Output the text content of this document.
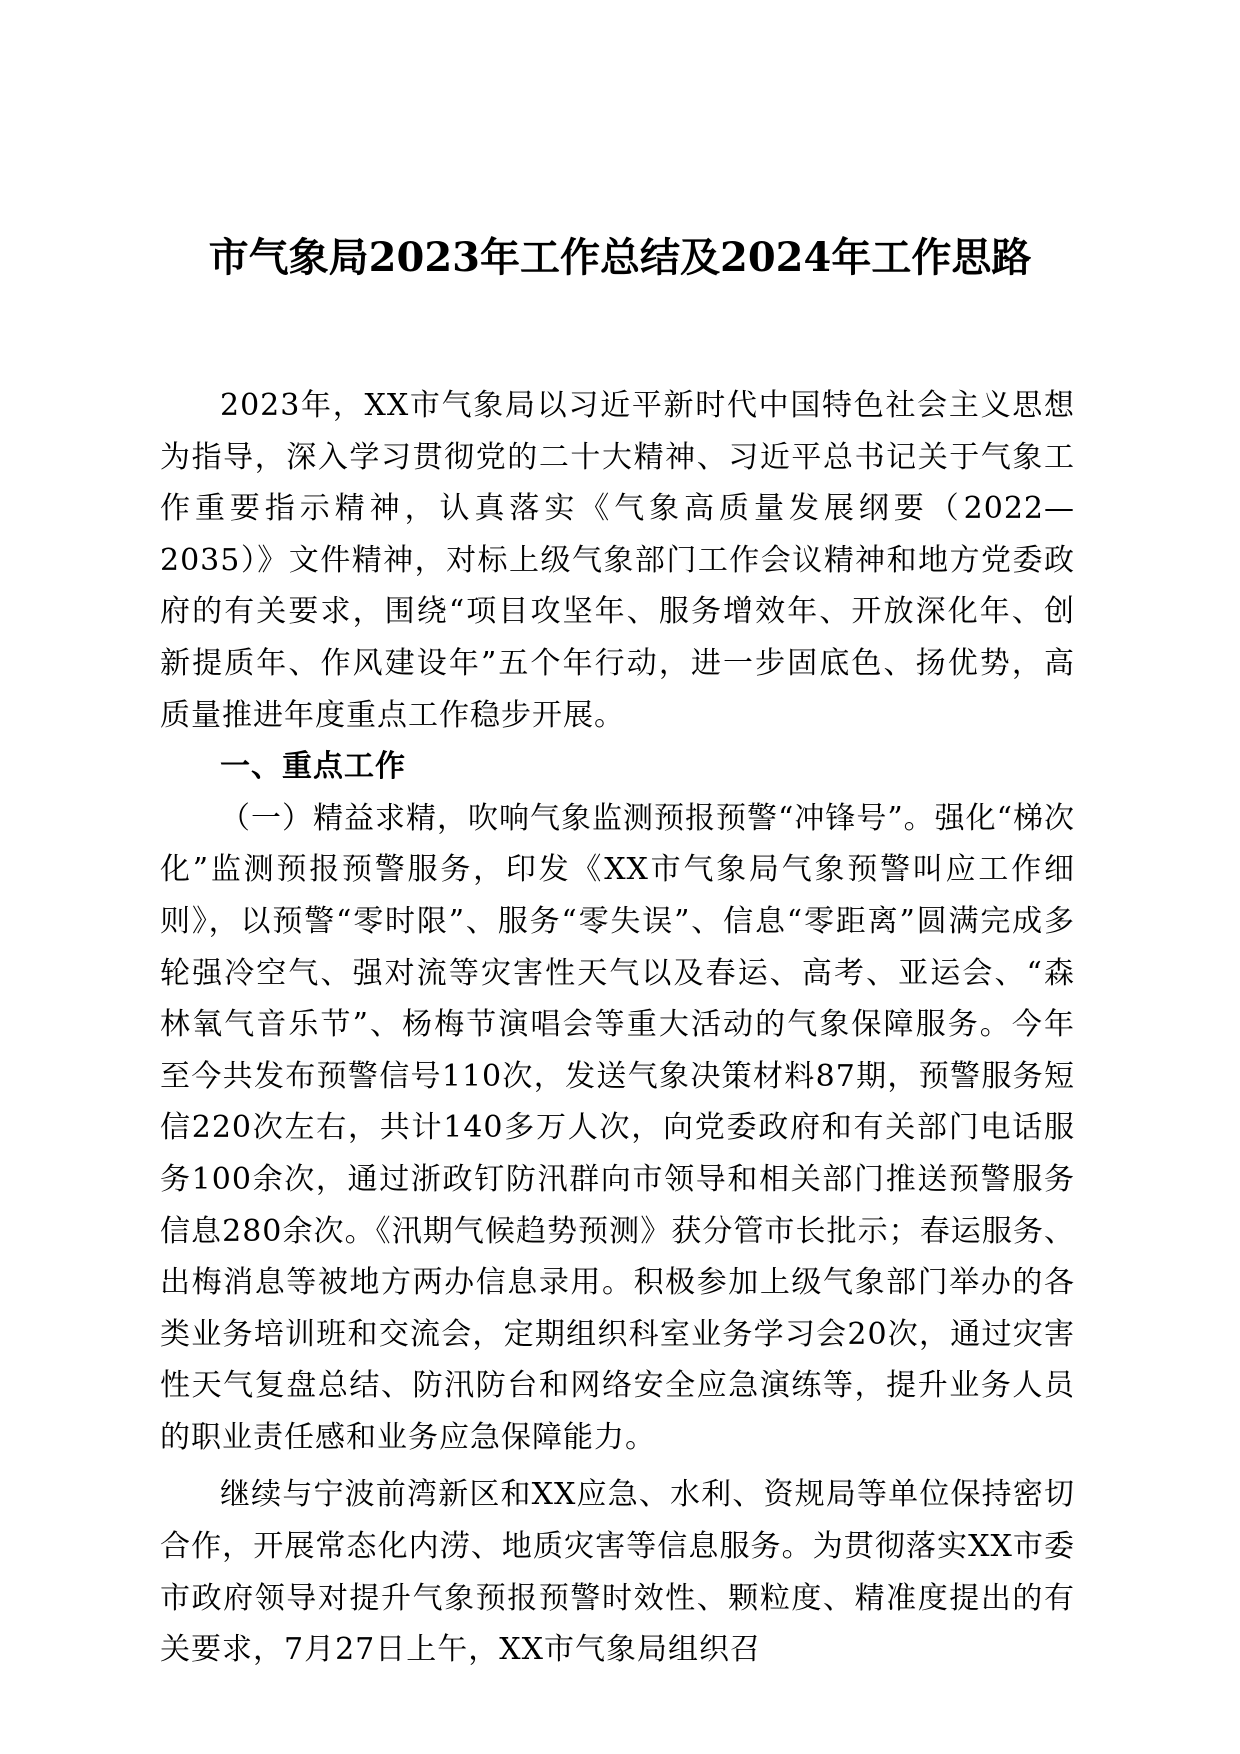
市气象局2023年工作总结及2024年工作思路

2023年，XX市气象局以习近平新时代中国特色社会主义思想为指导，深入学习贯彻党的二十大精神、习近平总书记关于气象工作重要指示精神，认真落实《气象高质量发展纲要（2022—2035）》文件精神，对标上级气象部门工作会议精神和地方党委政府的有关要求，围绕“项目攻坚年、服务增效年、开放深化年、创新提质年、作风建设年”五个年行动，进一步固底色、扬优势，高质量推进年度重点工作稳步开展。

一、重点工作

（一）精益求精，吹响气象监测预报预警“冲锋号”。强化“梯次化”监测预报预警服务，印发《XX市气象局气象预警叫应工作细则》，以预警“零时限”、服务“零失误”、信息“零距离”圆满完成多轮强冷空气、强对流等灾害性天气以及春运、高考、亚运会、“森林氧气音乐节”、杨梅节演唱会等重大活动的气象保障服务。今年至今共发布预警信号110次，发送气象决策材料87期，预警服务短信220次左右，共计140多万人次，向党委政府和有关部门电话服务100余次，通过浙政钉防汛群向市领导和相关部门推送预警服务信息280余次。《汛期气候趋势预测》获分管市长批示；春运服务、出梅消息等被地方两办信息录用。积极参加上级气象部门举办的各类业务培训班和交流会，定期组织科室业务学习会20次，通过灾害性天气复盘总结、防汛防台和网络安全应急演练等，提升业务人员的职业责任感和业务应急保障能力。

继续与宁波前湾新区和XX应急、水利、资规局等单位保持密切合作，开展常态化内涝、地质灾害等信息服务。为贯彻落实XX市委市政府领导对提升气象预报预警时效性、颗粒度、精准度提出的有关要求，7月27日上午，XX市气象局组织召
